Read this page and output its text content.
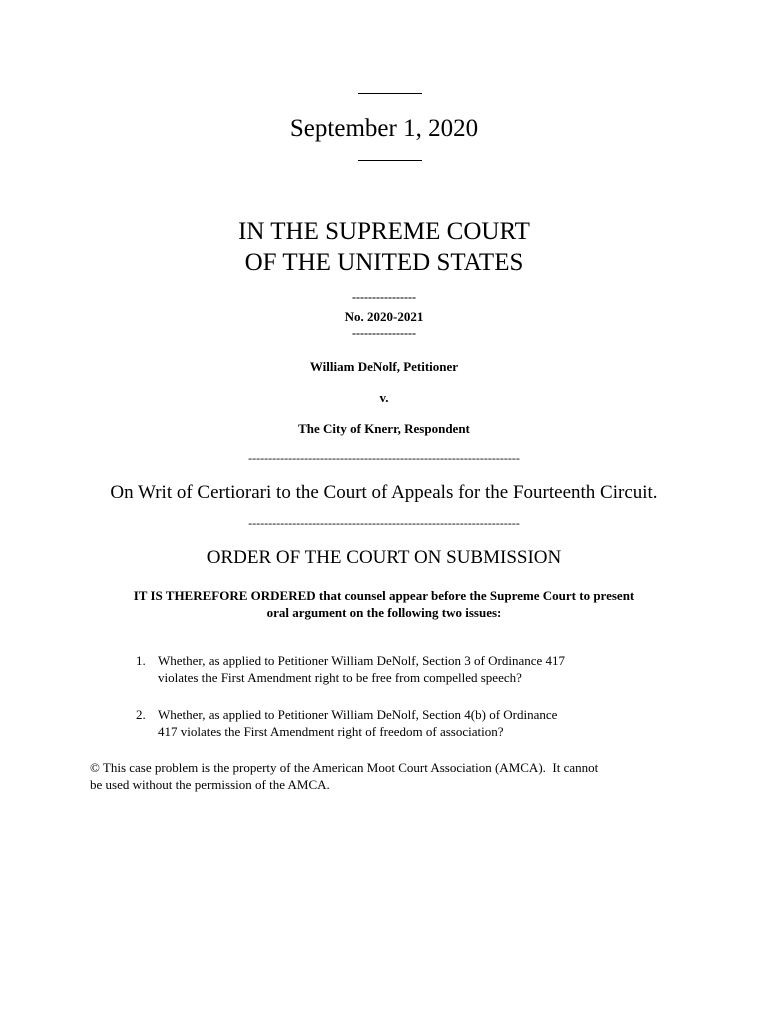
September 1, 2020
IN THE SUPREME COURT
OF THE UNITED STATES
----------------
No. 2020-2021
----------------
William DeNolf, Petitioner
v.
The City of Knerr, Respondent
--------------------------------------------------------------------
On Writ of Certiorari to the Court of Appeals for the Fourteenth Circuit.
--------------------------------------------------------------------
ORDER OF THE COURT ON SUBMISSION
IT IS THEREFORE ORDERED that counsel appear before the Supreme Court to present
oral argument on the following two issues:
1. Whether, as applied to Petitioner William DeNolf, Section 3 of Ordinance 417
violates the First Amendment right to be free from compelled speech?
2. Whether, as applied to Petitioner William DeNolf, Section 4(b) of Ordinance
417 violates the First Amendment right of freedom of association?
© This case problem is the property of the American Moot Court Association (AMCA).  It cannot
be used without the permission of the AMCA.
